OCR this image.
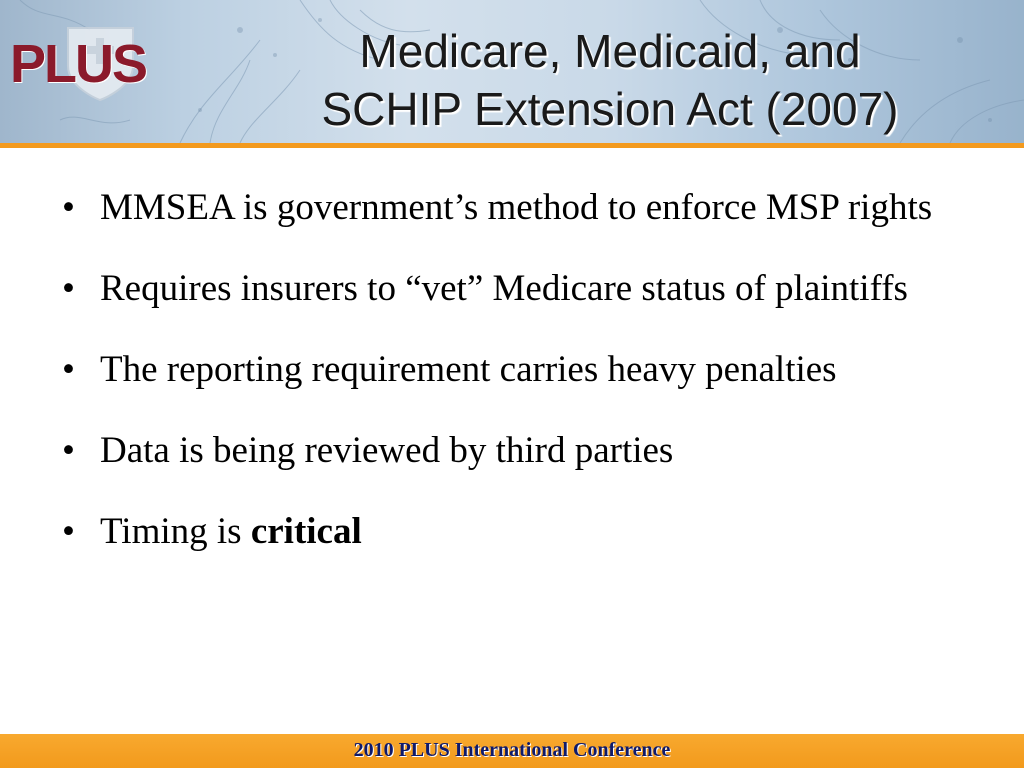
PLUS	Medicare, Medicaid, and
SCHIP Extension Act (2007)
• MMSEA is government’s method to enforce MSP rights
• Requires insurers to “vet” Medicare status of plaintiffs
• The reporting requirement carries heavy penalties
• Data is being reviewed by third parties
• Timing is critical
2010 PLUS International Conference
